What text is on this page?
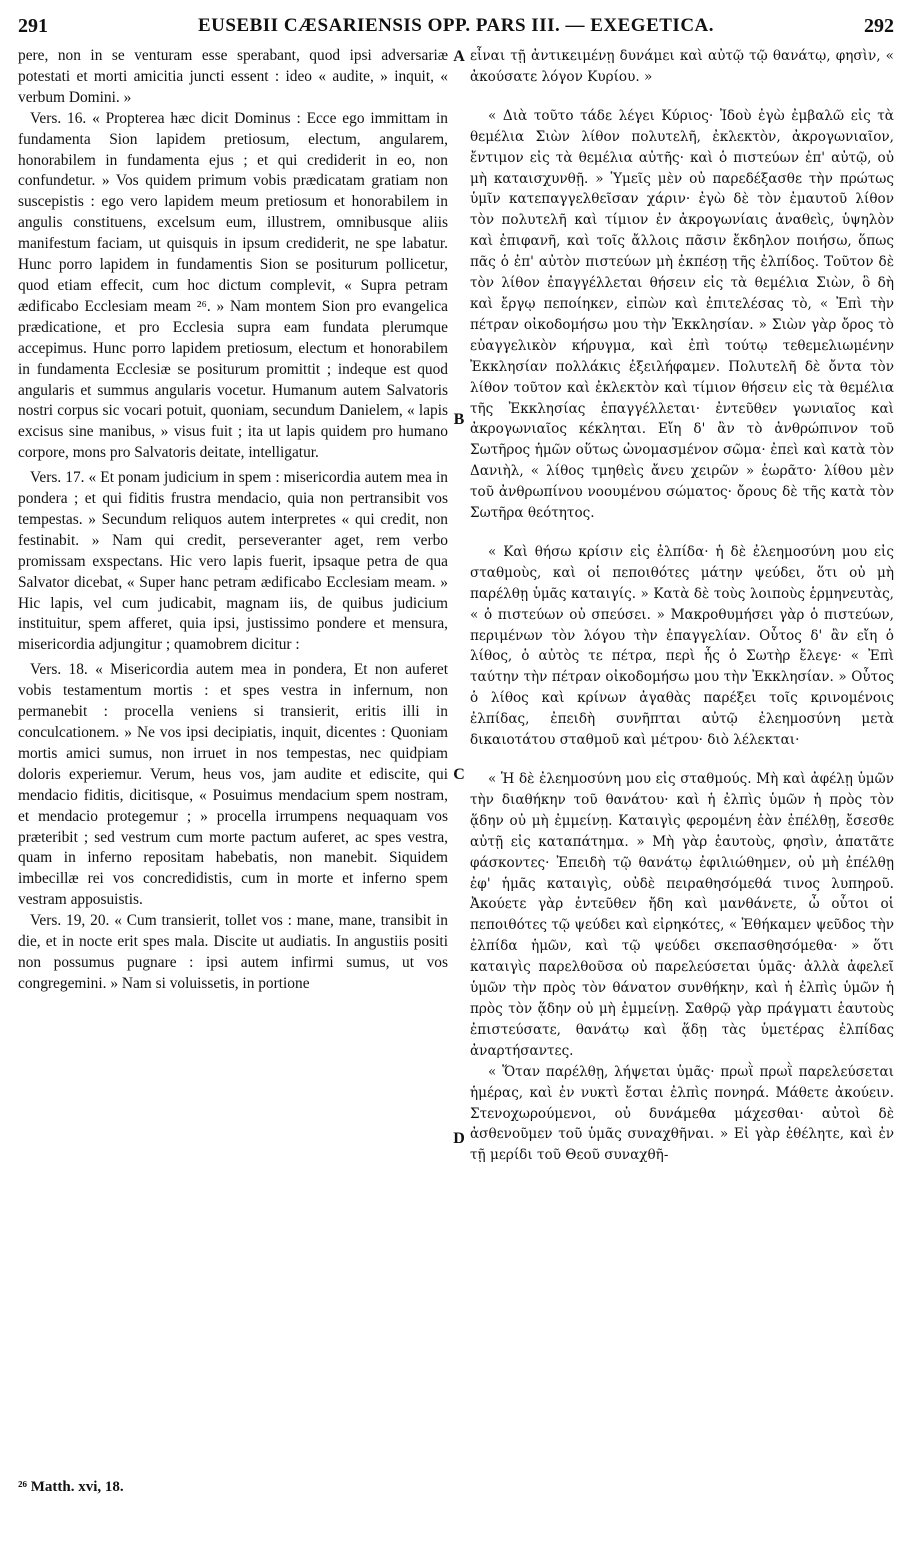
291	EUSEBII CÆSARIENSIS OPP. PARS III. — EXEGETICA.	292

pere, non in se venturam esse sperabant, quod ipsi adversariæ potestati et morti amicitia juncti essent : ideo « audite, » inquit, « verbum Domini. »

Vers. 16. « Propterea hæc dicit Dominus : Ecce ego immittam in fundamenta Sion lapidem pretiosum, electum, angularem, honorabilem in fundamenta ejus ; et qui crediderit in eo, non confundetur. » Vos quidem primum vobis prædicatam gratiam non suscepistis : ego vero lapidem meum pretiosum et honorabilem in angulis constituens, excelsum eum, illustrem, omnibusque aliis manifestum faciam, ut quisquis in ipsum crediderit, ne spe labatur. Hunc porro lapidem in fundamentis Sion se positurum pollicetur, quod etiam effecit, cum hoc dictum complevit, « Supra petram ædificabo Ecclesiam meam ²⁶. » Nam montem Sion pro evangelica prædicatione, et pro Ecclesia supra eam fundata plerumque accepimus. Hunc porro lapidem pretiosum, electum et honorabilem in fundamenta Ecclesiæ se positurum promittit ; indeque est quod angularis et summus angularis vocetur. Humanum autem Salvatoris nostri corpus sic vocari potuit, quoniam, secundum Danielem, « lapis excisus sine manibus, » visus fuit ; ita ut lapis quidem pro humano corpore, mons pro Salvatoris deitate, intelligatur.

Vers. 17. « Et ponam judicium in spem : misericordia autem mea in pondera ; et qui fiditis frustra mendacio, quia non pertransibit vos tempestas. » Secundum reliquos autem interpretes « qui credit, non festinabit. » Nam qui credit, perseveranter aget, rem verbo promissam exspectans. Hic vero lapis fuerit, ipsaque petra de qua Salvator dicebat, « Super hanc petram ædificabo Ecclesiam meam. » Hic lapis, vel cum judicabit, magnam iis, de quibus judicium instituitur, spem afferet, quia ipsi, justissimo pondere et mensura, misericordia adjungitur ; quamobrem dicitur :

Vers. 18. « Misericordia autem mea in pondera, Et non auferet vobis testamentum mortis : et spes vestra in infernum, non permanebit : procella veniens si transierit, eritis illi in conculcationem. » Ne vos ipsi decipiatis, inquit, dicentes : Quoniam mortis amici sumus, non irruet in nos tempestas, nec quidpiam doloris experiemur. Verum, heus vos, jam audite et ediscite, qui mendacio fiditis, dicitisque, « Posuimus mendacium spem nostram, et mendacio protegemur ; » procella irrumpens nequaquam vos præteribit ; sed vestrum cum morte pactum auferet, ac spes vestra, quam in inferno repositam habebatis, non manebit. Siquidem imbecillæ rei vos concredidistis, cum in morte et inferno spem vestram apposuistis.

Vers. 19, 20. « Cum transierit, tollet vos : mane, mane, transibit in die, et in nocte erit spes mala. Discite ut audiatis. In angustiis positi non possumus pugnare : ipsi autem infirmi sumus, ut vos congregemini. » Nam si voluissetis, in portione

²⁶ Matth. xvi, 18.
A
B
C
D

εἶναι τῇ ἀντικειμένῃ δυνάμει καὶ αὐτῷ τῷ θανάτῳ, φησὶν, « ἀκούσατε λόγον Κυρίου. »

« Διὰ τοῦτο τάδε λέγει Κύριος· Ἰδοὺ ἐγὼ ἐμβαλῶ εἰς τὰ θεμέλια Σιὼν λίθον πολυτελῆ, ἐκλεκτὸν, ἀκρογωνιαῖον, ἔντιμον εἰς τὰ θεμέλια αὐτῆς· καὶ ὁ πιστεύων ἐπ' αὐτῷ, οὐ μὴ καταισχυνθῇ. » Ὑμεῖς μὲν οὐ παρεδέξασθε τὴν πρώτως ὑμῖν κατεπαγγελθεῖσαν χάριν· ἐγὼ δὲ τὸν ἐμαυτοῦ λίθον τὸν πολυτελῆ καὶ τίμιον ἐν ἀκρογωνίαις ἀναθεὶς, ὑψηλὸν καὶ ἐπιφανῆ, καὶ τοῖς ἄλλοις πᾶσιν ἔκδηλον ποιήσω, ὅπως πᾶς ὁ ἐπ' αὐτὸν πιστεύων μὴ ἐκπέσῃ τῆς ἐλπίδος. Τοῦτον δὲ τὸν λίθον ἐπαγγέλλεται θήσειν εἰς τὰ θεμέλια Σιὼν, ὃ δὴ καὶ ἔργῳ πεποίηκεν, εἰπὼν καὶ ἐπιτελέσας τὸ, « Ἐπὶ τὴν πέτραν οἰκοδομήσω μου τὴν Ἐκκλησίαν. » Σιὼν γὰρ ὄρος τὸ εὐαγγελικὸν κήρυγμα, καὶ ἐπὶ τούτῳ τεθεμελιωμένην Ἐκκλησίαν πολλάκις ἐξειλήφαμεν. Πολυτελῆ δὲ ὄντα τὸν λίθον τοῦτον καὶ ἐκλεκτὸν καὶ τίμιον θήσειν εἰς τὰ θεμέλια τῆς Ἐκκλησίας ἐπαγγέλλεται· ἐντεῦθεν γωνιαῖος καὶ ἀκρογωνιαῖος κέκληται. Εἴη δ' ἂν τὸ ἀνθρώπινον τοῦ Σωτῆρος ἡμῶν οὕτως ὠνομασμένον σῶμα· ἐπεὶ καὶ κατὰ τὸν Δανιὴλ, « λίθος τμηθεὶς ἄνευ χειρῶν » ἑωρᾶτο· λίθου μὲν τοῦ ἀνθρωπίνου νοουμένου σώματος· ὄρους δὲ τῆς κατὰ τὸν Σωτῆρα θεότητος.

« Καὶ θήσω κρίσιν εἰς ἐλπίδα· ἡ δὲ ἐλεημοσύνη μου εἰς σταθμοὺς, καὶ οἱ πεποιθότες μάτην ψεύδει, ὅτι οὐ μὴ παρέλθῃ ὑμᾶς καταιγίς. » Κατὰ δὲ τοὺς λοιποὺς ἑρμηνευτὰς, « ὁ πιστεύων οὐ σπεύσει. » Μακροθυμήσει γὰρ ὁ πιστεύων, περιμένων τὸν λόγου τὴν ἐπαγγελίαν. Οὗτος δ' ἂν εἴη ὁ λίθος, ὁ αὐτὸς τε πέτρα, περὶ ἧς ὁ Σωτὴρ ἔλεγε· « Ἐπὶ ταύτην τὴν πέτραν οἰκοδομήσω μου τὴν Ἐκκλησίαν. » Οὗτος ὁ λίθος καὶ κρίνων ἀγαθὰς παρέξει τοῖς κρινομένοις ἐλπίδας, ἐπειδὴ συνῆπται αὐτῷ ἐλεημοσύνη μετὰ δικαιοτάτου σταθμοῦ καὶ μέτρου· διὸ λέλεκται·

« Ἡ δὲ ἐλεημοσύνη μου εἰς σταθμούς. Μὴ καὶ ἀφέλῃ ὑμῶν τὴν διαθήκην τοῦ θανάτου· καὶ ἡ ἐλπὶς ὑμῶν ἡ πρὸς τὸν ᾅδην οὐ μὴ ἐμμείνῃ. Καταιγὶς φερομένη ἐὰν ἐπέλθῃ, ἔσεσθε αὐτῇ εἰς καταπάτημα. » Μὴ γὰρ ἑαυτοὺς, φησὶν, ἀπατᾶτε φάσκοντες· Ἐπειδὴ τῷ θανάτῳ ἐφιλιώθημεν, οὐ μὴ ἐπέλθῃ ἐφ' ἡμᾶς καταιγὶς, οὐδὲ πειραθησόμεθά τινος λυπηροῦ. Ἀκούετε γὰρ ἐντεῦθεν ἤδη καὶ μανθάνετε, ὦ οὗτοι οἱ πεποιθότες τῷ ψεύδει καὶ εἰρηκότες, « Ἐθήκαμεν ψεῦδος τὴν ἐλπίδα ἡμῶν, καὶ τῷ ψεύδει σκεπασθησόμεθα· » ὅτι καταιγὶς παρελθοῦσα οὐ παρελεύσεται ὑμᾶς· ἀλλὰ ἀφελεῖ ὑμῶν τὴν πρὸς τὸν θάνατον συνθήκην, καὶ ἡ ἐλπὶς ὑμῶν ἡ πρὸς τὸν ᾅδην οὐ μὴ ἐμμείνῃ. Σαθρῷ γὰρ πράγματι ἑαυτοὺς ἐπιστεύσατε, θανάτῳ καὶ ᾅδῃ τὰς ὑμετέρας ἐλπίδας ἀναρτήσαντες.

« Ὅταν παρέλθῃ, λήψεται ὑμᾶς· πρωῒ πρωῒ παρελεύσεται ἡμέρας, καὶ ἐν νυκτὶ ἔσται ἐλπὶς πονηρά. Μάθετε ἀκούειν. Στενοχωρούμενοι, οὐ δυνάμεθα μάχεσθαι· αὐτοὶ δὲ ἀσθενοῦμεν τοῦ ὑμᾶς συναχθῆναι. » Εἰ γὰρ ἐθέλητε, καὶ ἐν τῇ μερίδι τοῦ Θεοῦ συναχθῆ-
